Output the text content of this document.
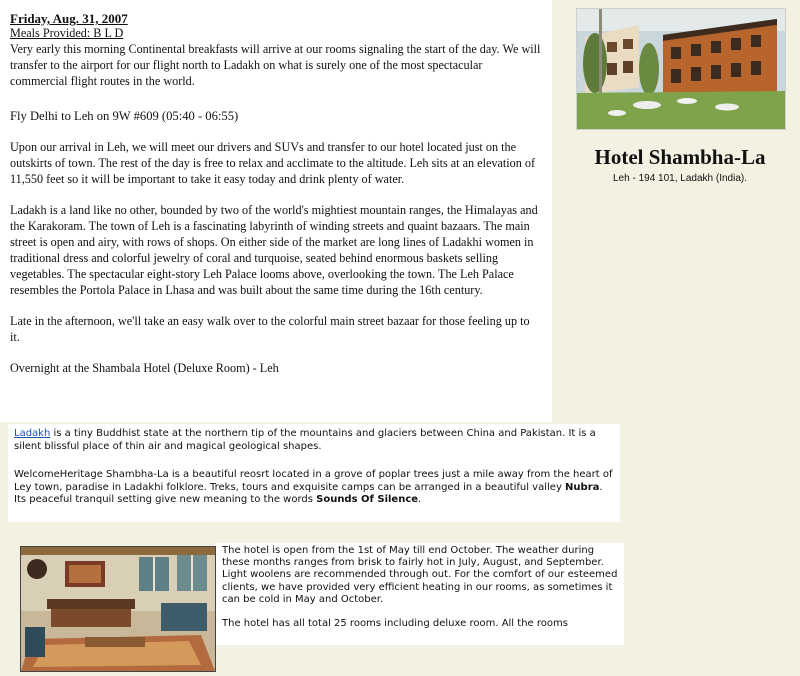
Friday, Aug. 31, 2007
Meals Provided: B L D

Very early this morning Continental breakfasts will arrive at our rooms signaling the start of the day. We will transfer to the airport for our flight north to Ladakh on what is surely one of the most spectacular commercial flight routes in the world.

Fly Delhi to Leh on 9W #609 (05:40 - 06:55)

Upon our arrival in Leh, we will meet our drivers and SUVs and transfer to our hotel located just on the outskirts of town. The rest of the day is free to relax and acclimate to the altitude. Leh sits at an elevation of 11,550 feet so it will be important to take it easy today and drink plenty of water.

Ladakh is a land like no other, bounded by two of the world's mightiest mountain ranges, the Himalayas and the Karakoram. The town of Leh is a fascinating labyrinth of winding streets and quaint bazaars. The main street is open and airy, with rows of shops. On either side of the market are long lines of Ladakhi women in traditional dress and colorful jewelry of coral and turquoise, seated behind enormous baskets selling vegetables. The spectacular eight-story Leh Palace looms above, overlooking the town. The Leh Palace resembles the Portola Palace in Lhasa and was built about the same time during the 16th century.

Late in the afternoon, we'll take an easy walk over to the colorful main street bazaar for those feeling up to it.

Overnight at the Shambala Hotel (Deluxe Room) - Leh

Hotel Shambha-La
Leh - 194 101, Ladakh (India).

Ladakh is a tiny Buddhist state at the northern tip of the mountains and glaciers between China and Pakistan. It is a silent blissful place of thin air and magical geological shapes.

WelcomeHeritage Shambha-La is a beautiful reosrt located in a grove of poplar trees just a mile away from the heart of Ley town, paradise in Ladakhi folklore. Treks, tours and exquisite camps can be arranged in a beautiful valley Nubra. Its peaceful tranquil setting give new meaning to the words Sounds Of Silence.

The hotel is open from the 1st of May till end October. The weather during these months ranges from brisk to fairly hot in July, August, and September. Light woolens are recommended through out. For the comfort of our esteemed clients, we have provided very efficient heating in our rooms, as sometimes it can be cold in May and October.

The hotel has all total 25 rooms including deluxe room. All the rooms
